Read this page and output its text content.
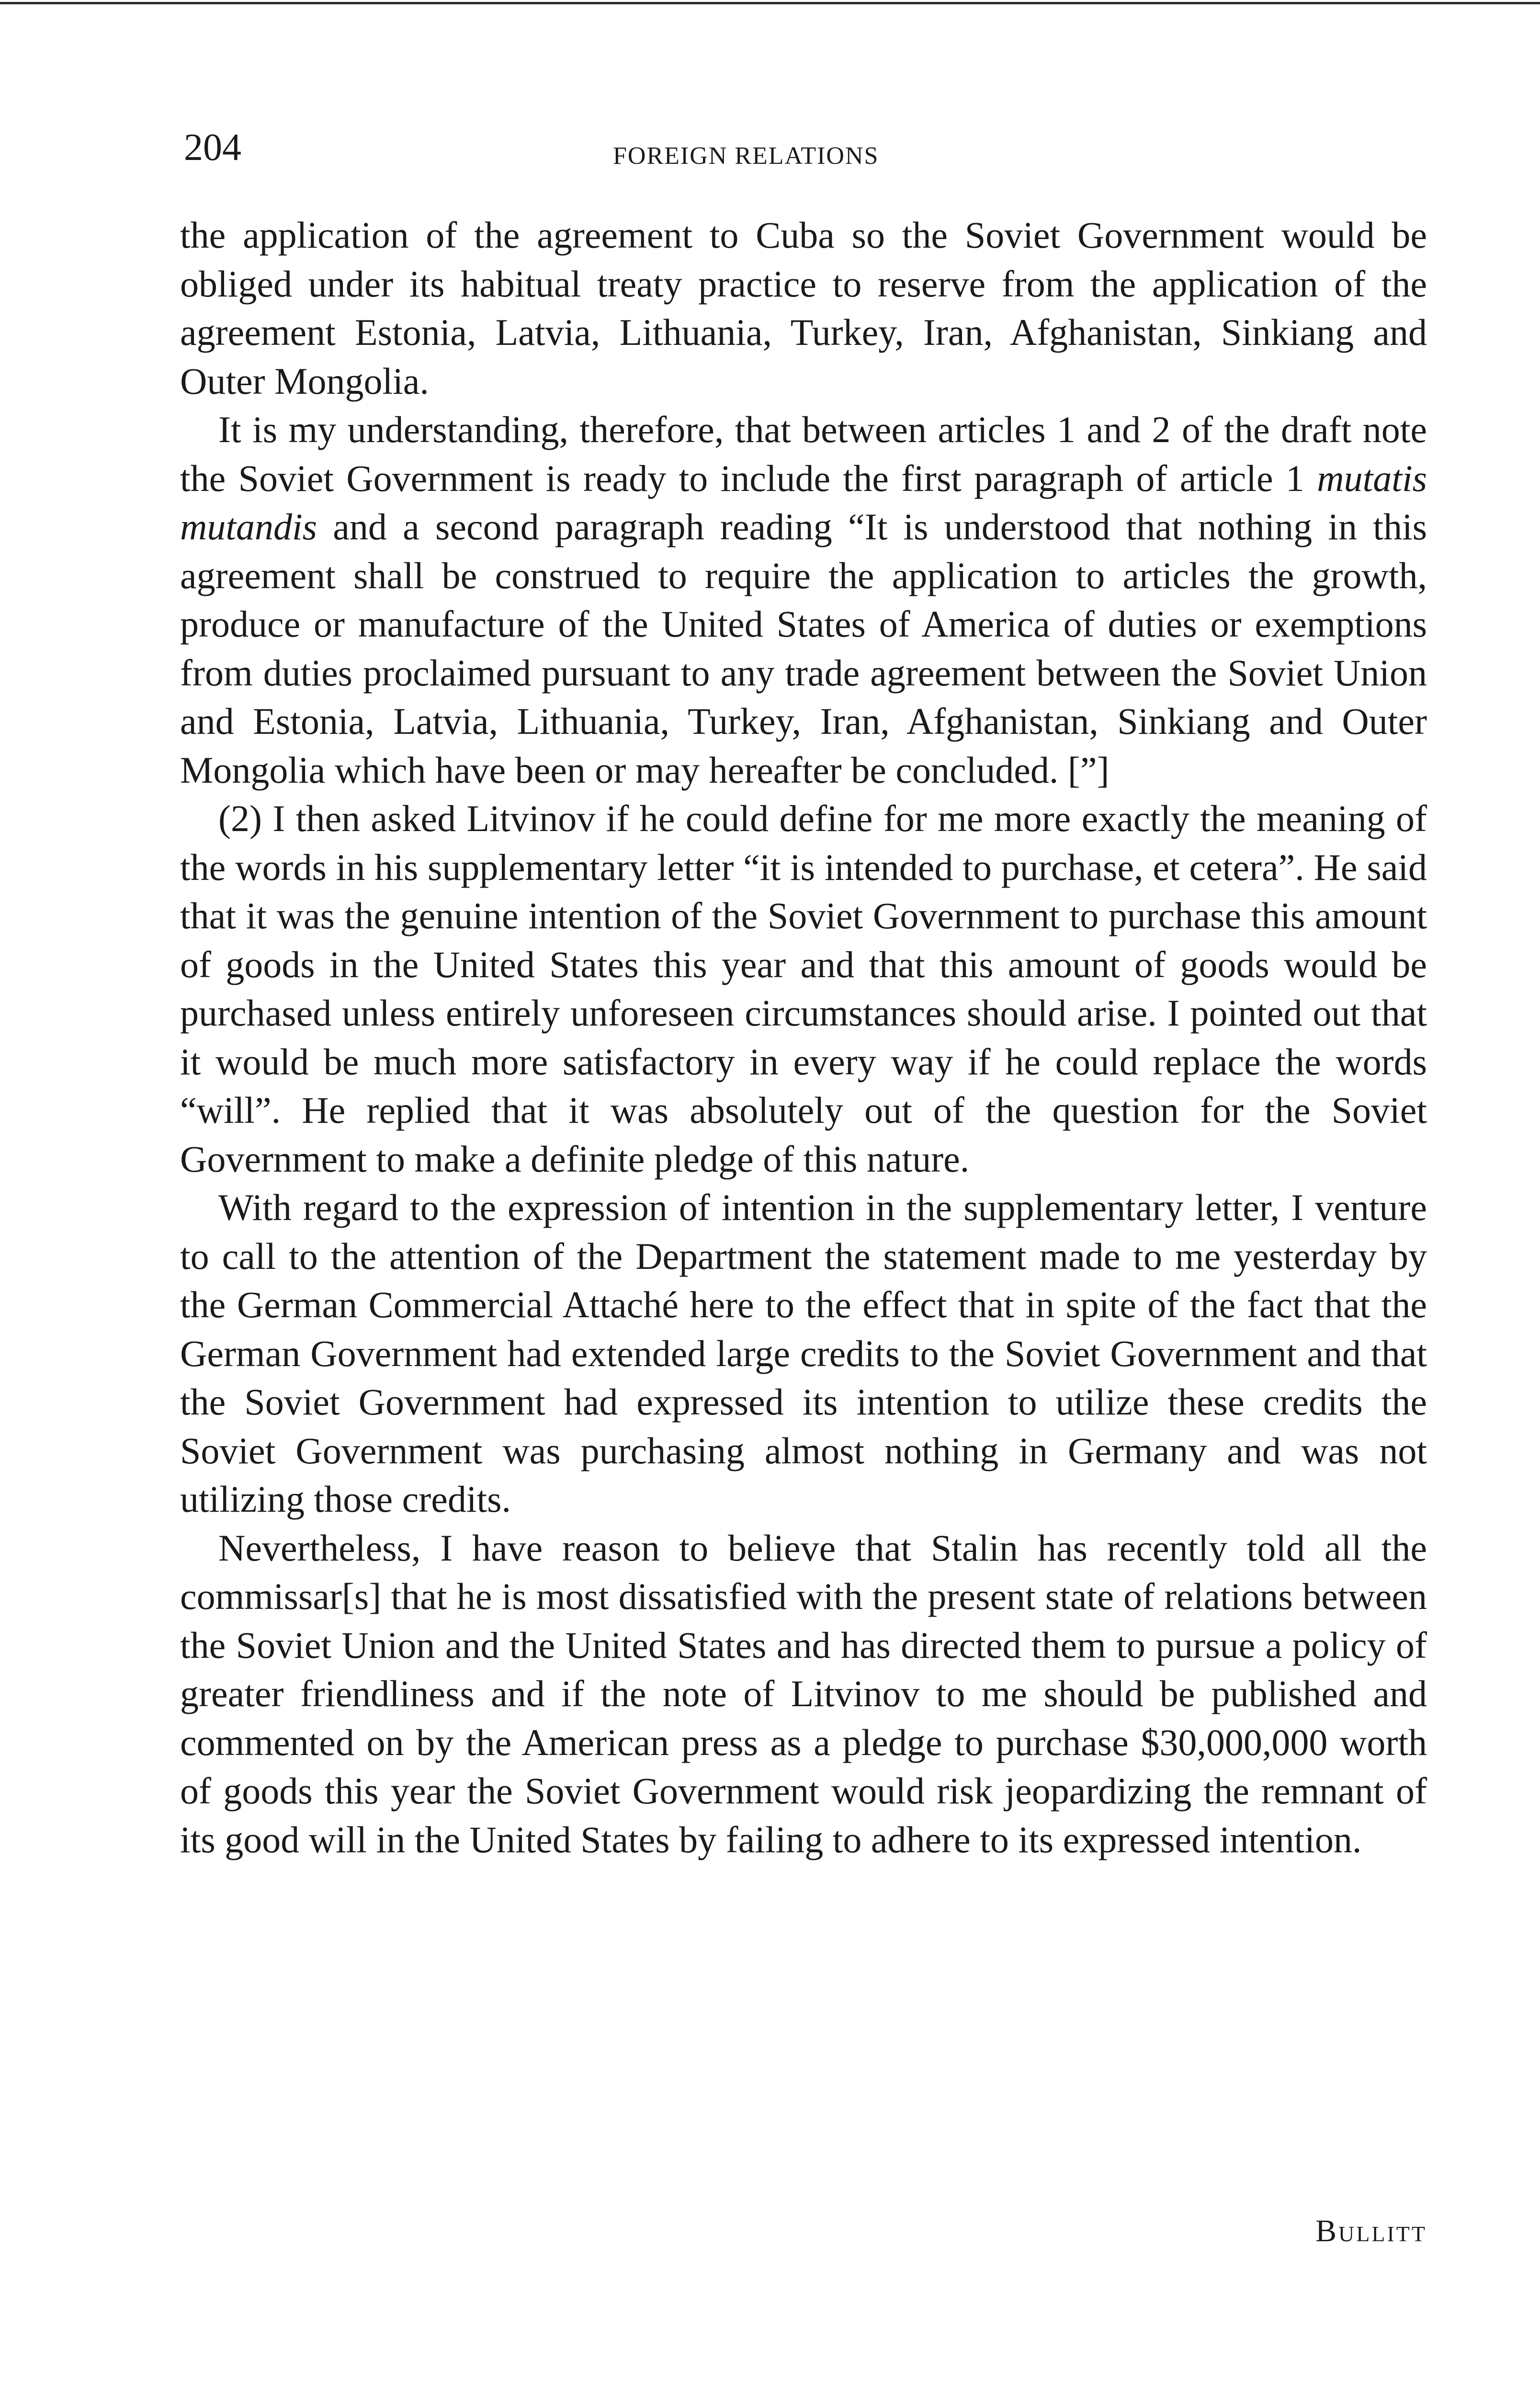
204	FOREIGN RELATIONS

the application of the agreement to Cuba so the Soviet Government would be obliged under its habitual treaty practice to reserve from the application of the agreement Estonia, Latvia, Lithuania, Turkey, Iran, Afghanistan, Sinkiang and Outer Mongolia.

It is my understanding, therefore, that between articles 1 and 2 of the draft note the Soviet Government is ready to include the first paragraph of article 1 mutatis mutandis and a second paragraph reading “It is understood that nothing in this agreement shall be construed to require the application to articles the growth, produce or manufacture of the United States of America of duties or exemptions from duties proclaimed pursuant to any trade agreement between the Soviet Union and Estonia, Latvia, Lithuania, Turkey, Iran, Afghanistan, Sinkiang and Outer Mongolia which have been or may hereafter be concluded. [”]

(2) I then asked Litvinov if he could define for me more exactly the meaning of the words in his supplementary letter “it is intended to purchase, et cetera”. He said that it was the genuine intention of the Soviet Government to purchase this amount of goods in the United States this year and that this amount of goods would be purchased unless entirely unforeseen circumstances should arise. I pointed out that it would be much more satisfactory in every way if he could replace the words “will”. He replied that it was absolutely out of the question for the Soviet Government to make a definite pledge of this nature.

With regard to the expression of intention in the supplementary letter, I venture to call to the attention of the Department the statement made to me yesterday by the German Commercial Attaché here to the effect that in spite of the fact that the German Government had extended large credits to the Soviet Government and that the Soviet Government had expressed its intention to utilize these credits the Soviet Government was purchasing almost nothing in Germany and was not utilizing those credits.

Nevertheless, I have reason to believe that Stalin has recently told all the commissar[s] that he is most dissatisfied with the present state of relations between the Soviet Union and the United States and has directed them to pursue a policy of greater friendliness and if the note of Litvinov to me should be published and commented on by the American press as a pledge to purchase $30,000,000 worth of goods this year the Soviet Government would risk jeopardizing the remnant of its good will in the United States by failing to adhere to its expressed intention.

Bullitt
